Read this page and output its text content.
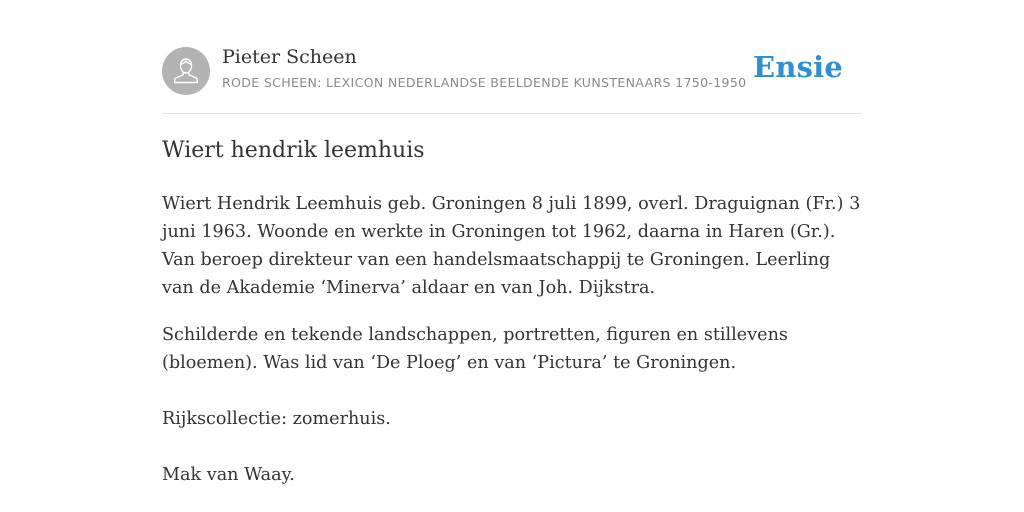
Pieter Scheen
RODE SCHEEN: LEXICON NEDERLANDSE BEELDENDE KUNSTENAARS 1750-1950 Ensie
Wiert hendrik leemhuis

Wiert Hendrik Leemhuis geb. Groningen 8 juli 1899, overl. Draguignan (Fr.) 3 juni 1963. Woonde en werkte in Groningen tot 1962, daarna in Haren (Gr.). Van beroep direkteur van een handelsmaatschappij te Groningen. Leerling van de Akademie ‘Minerva’ aldaar en van Joh. Dijkstra.

Schilderde en tekende landschappen, portretten, figuren en stillevens (bloemen). Was lid van ‘De Ploeg’ en van ‘Pictura’ te Groningen.

Rijkscollectie: zomerhuis.

Mak van Waay.
